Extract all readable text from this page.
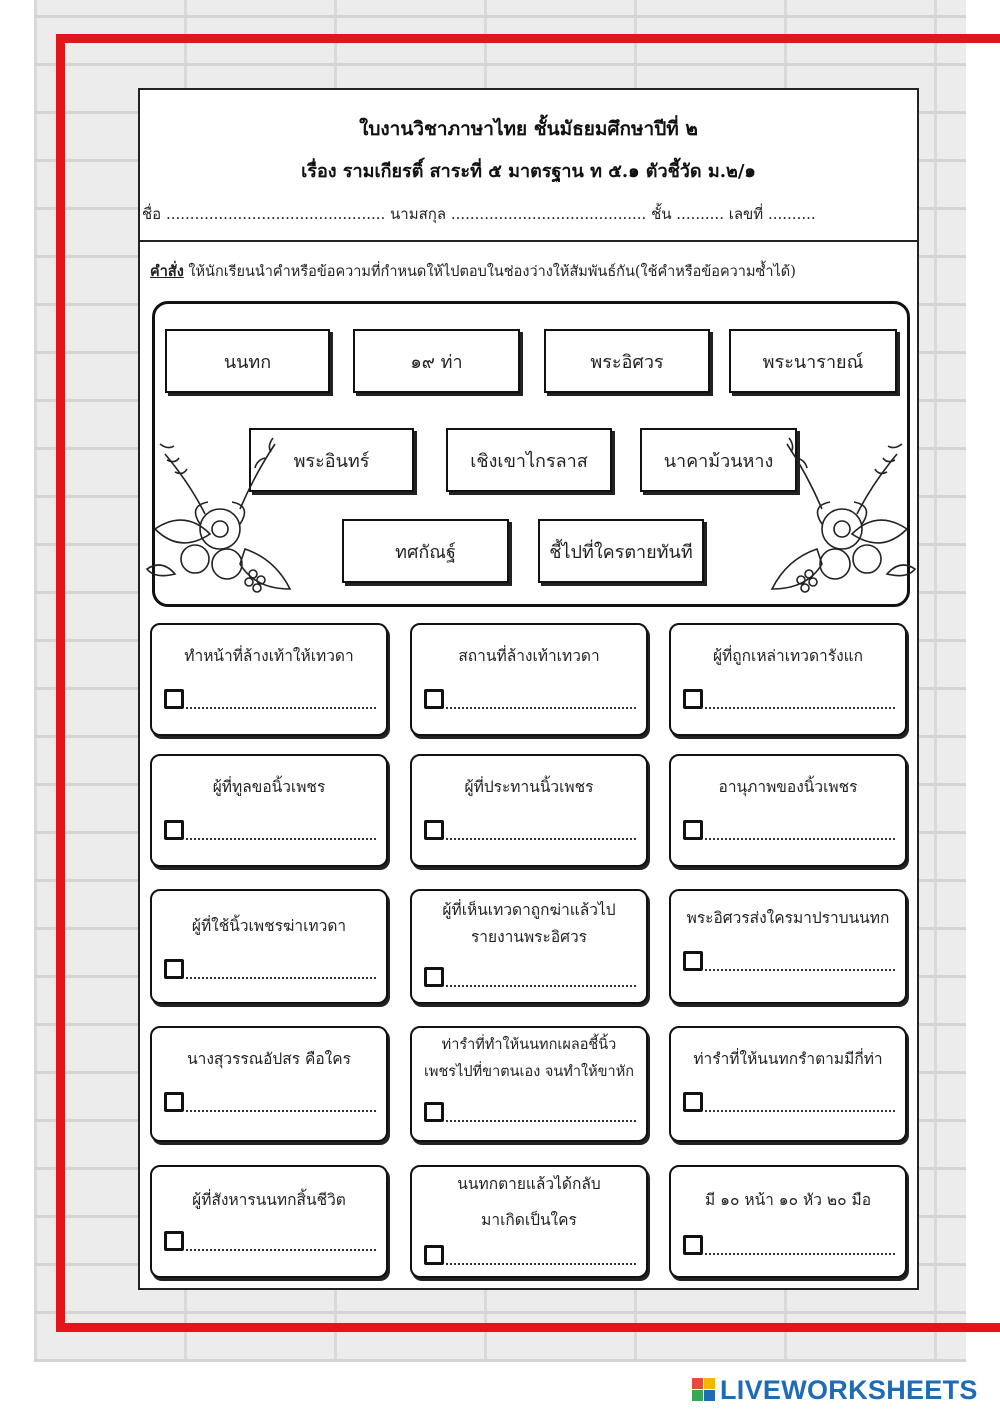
ใบงานวิชาภาษาไทย ชั้นมัธยมศึกษาปีที่ ๒
เรื่อง รามเกียรติ์ สาระที่ ๕ มาตรฐาน ท ๕.๑ ตัวชี้วัด ม.๒/๑
ชื่อ .............................................. นามสกุล ......................................... ชั้น .......... เลขที่ ..........
คำสั่ง ให้นักเรียนนำคำหรือข้อความที่กำหนดให้ไปตอบในช่องว่างให้สัมพันธ์กัน(ใช้คำหรือข้อความซ้ำได้)
นนทก	๑๙ ท่า	พระอิศวร	พระนารายณ์
พระอินทร์	เชิงเขาไกรลาส	นาคาม้วนหาง
ทศกัณฐ์	ชี้ไปที่ใครตายทันที
ทำหน้าที่ล้างเท้าให้เทวดา	สถานที่ล้างเท้าเทวดา	ผู้ที่ถูกเหล่าเทวดารังแก
ผู้ที่ทูลขอนิ้วเพชร	ผู้ที่ประทานนิ้วเพชร	อานุภาพของนิ้วเพชร
ผู้ที่ใช้นิ้วเพชรฆ่าเทวดา
ผู้ที่เห็นเทวดาถูกฆ่าแล้วไป
รายงานพระอิศวร
พระอิศวรส่งใครมาปราบนนทก
นางสุวรรณอัปสร คือใคร
ท่ารำที่ทำให้นนทกเผลอชี้นิ้ว
เพชรไปที่ขาตนเอง จนทำให้ขาหัก
ท่ารำที่ให้นนทกรำตามมีกี่ท่า
ผู้ที่สังหารนนทกสิ้นชีวิต
นนทกตายแล้วได้กลับ
มาเกิดเป็นใคร
มี ๑๐ หน้า ๑๐ หัว ๒๐ มือ
LIVEWORKSHEETS
